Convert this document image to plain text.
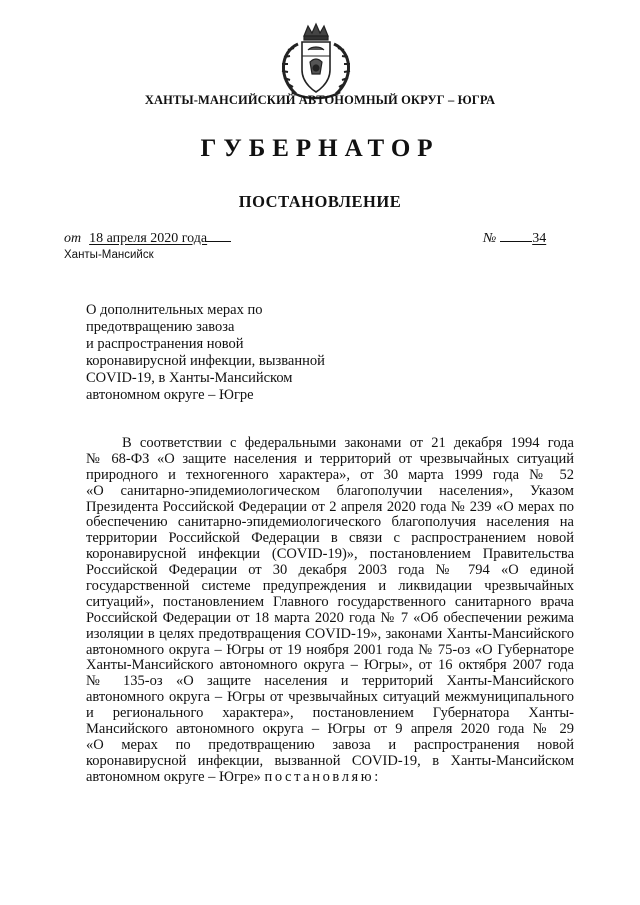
ХАНТЫ-МАНСИЙСКИЙ АВТОНОМНЫЙ ОКРУГ – ЮГРА
ГУБЕРНАТОР
ПОСТАНОВЛЕНИЕ
от 18 апреля 2020 года	№	34
Ханты-Мансийск
О дополнительных мерах по
предотвращению завоза
и распространения новой
коронавирусной инфекции, вызванной
COVID-19, в Ханты-Мансийском
автономном округе – Югре
В соответствии с федеральными законами от 21 декабря 1994 года
№ 68-ФЗ «О защите населения и территорий от чрезвычайных ситуаций
природного и техногенного характера», от 30 марта 1999 года № 52
«О санитарно-эпидемиологическом благополучии населения», Указом
Президента Российской Федерации от 2 апреля 2020 года № 239 «О мерах по
обеспечению санитарно-эпидемиологического благополучия населения на
территории Российской Федерации в связи с распространением новой
коронавирусной инфекции (COVID-19)», постановлением Правительства
Российской Федерации от 30 декабря 2003 года № 794 «О единой
государственной системе предупреждения и ликвидации чрезвычайных
ситуаций», постановлением Главного государственного санитарного врача
Российской Федерации от 18 марта 2020 года № 7 «Об обеспечении режима
изоляции в целях предотвращения COVID-19», законами Ханты-Мансийского
автономного округа – Югры от 19 ноября 2001 года № 75-оз «О Губернаторе
Ханты-Мансийского автономного округа – Югры», от 16 октября 2007 года
№ 135-оз «О защите населения и территорий Ханты-Мансийского
автономного округа – Югры от чрезвычайных ситуаций межмуниципального
и регионального характера», постановлением Губернатора Ханты-
Мансийского автономного округа – Югры от 9 апреля 2020 года № 29
«О мерах по предотвращению завоза и распространения новой
коронавирусной инфекции, вызванной COVID-19, в Ханты-Мансийском
автономном округе – Югре» постановляю:
